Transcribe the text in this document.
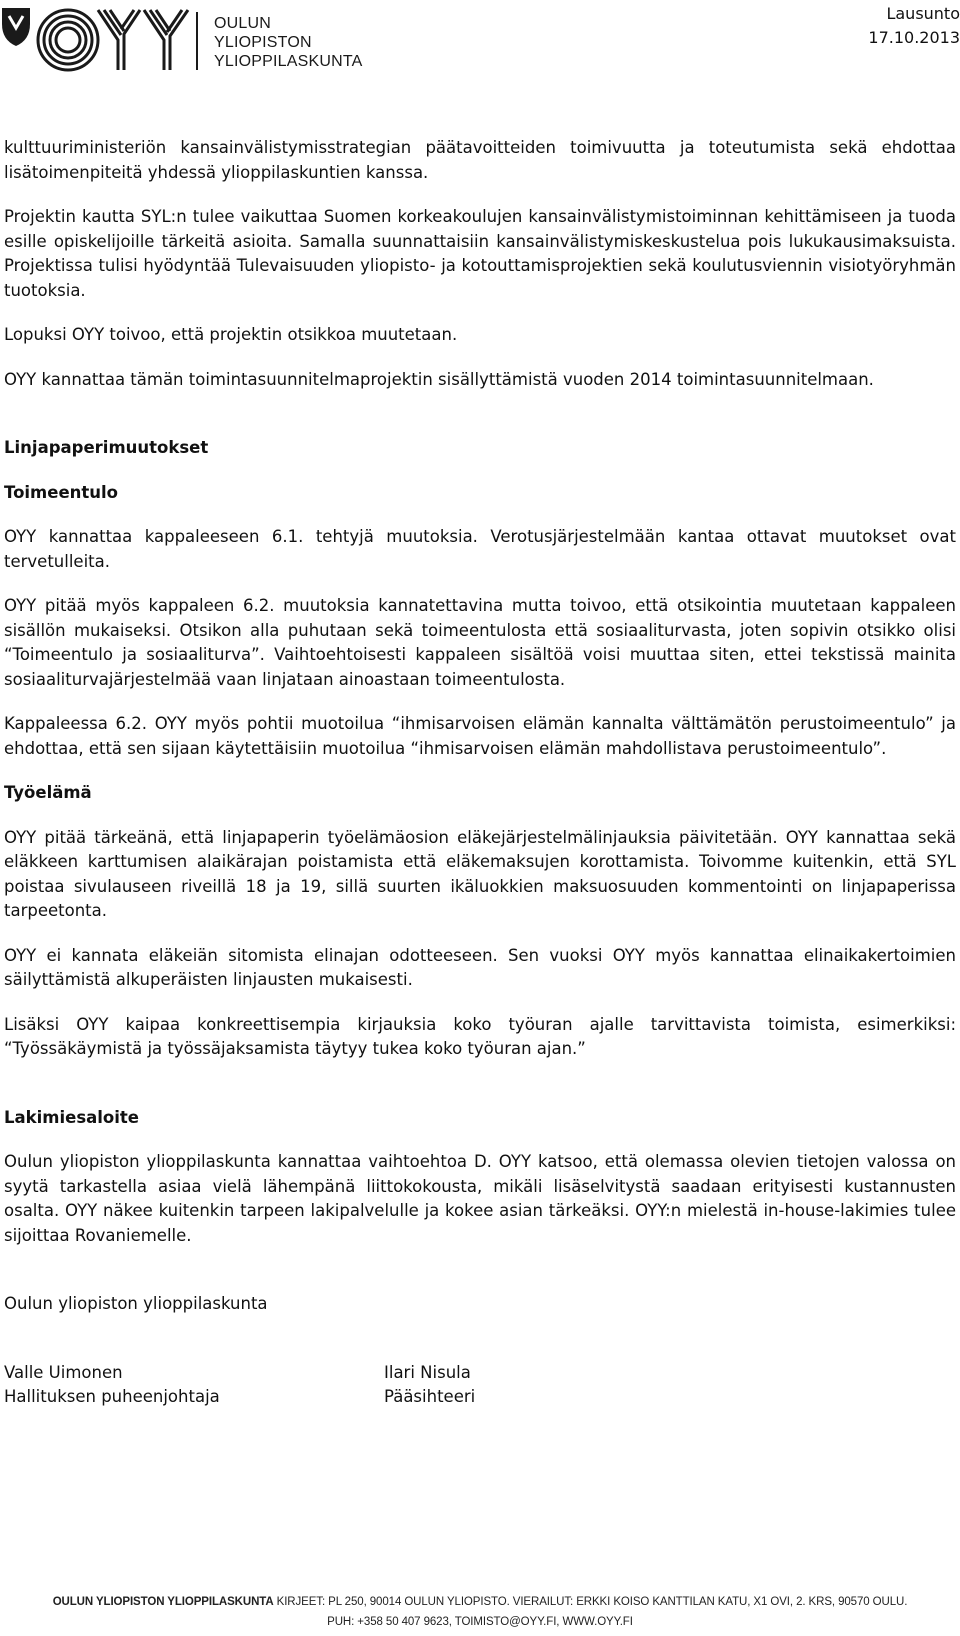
OULUN
YLIOPISTON
YLIOPPILASKUNTA
Lausunto
17.10.2013

kulttuuriministeriön kansainvälistymisstrategian päätavoitteiden toimivuutta ja toteutumista sekä ehdottaa lisätoimenpiteitä yhdessä ylioppilaskuntien kanssa.

Projektin kautta SYL:n tulee vaikuttaa Suomen korkeakoulujen kansainvälistymistoiminnan kehittämiseen ja tuoda esille opiskelijoille tärkeitä asioita. Samalla suunnattaisiin kansainvälistymiskeskustelua pois lukukausimaksuista. Projektissa tulisi hyödyntää Tulevaisuuden yliopisto- ja kotouttamisprojektien sekä koulutusviennin visiotyöryhmän tuotoksia.

Lopuksi OYY toivoo, että projektin otsikkoa muutetaan.

OYY kannattaa tämän toimintasuunnitelmaprojektin sisällyttämistä vuoden 2014 toimintasuunnitelmaan.

Linjapaperimuutokset

Toimeentulo

OYY kannattaa kappaleeseen 6.1. tehtyjä muutoksia. Verotusjärjestelmään kantaa ottavat muutokset ovat tervetulleita.

OYY pitää myös kappaleen 6.2. muutoksia kannatettavina mutta toivoo, että otsikointia muutetaan kappaleen sisällön mukaiseksi. Otsikon alla puhutaan sekä toimeentulosta että sosiaaliturvasta, joten sopivin otsikko olisi “Toimeentulo ja sosiaaliturva”. Vaihtoehtoisesti kappaleen sisältöä voisi muuttaa siten, ettei tekstissä mainita sosiaaliturvajärjestelmää vaan linjataan ainoastaan toimeentulosta.

Kappaleessa 6.2. OYY myös pohtii muotoilua “ihmisarvoisen elämän kannalta välttämätön perustoimeentulo” ja ehdottaa, että sen sijaan käytettäisiin muotoilua “ihmisarvoisen elämän mahdollistava perustoimeentulo”.

Työelämä

OYY pitää tärkeänä, että linjapaperin työelämäosion eläkejärjestelmälinjauksia päivitetään. OYY kannattaa sekä eläkkeen karttumisen alaikärajan poistamista että eläkemaksujen korottamista. Toivomme kuitenkin, että SYL poistaa sivulauseen riveillä 18 ja 19, sillä suurten ikäluokkien maksuosuuden kommentointi on linjapaperissa tarpeetonta.

OYY ei kannata eläkeiän sitomista elinajan odotteeseen. Sen vuoksi OYY myös kannattaa elinaikakertoimien säilyttämistä alkuperäisten linjausten mukaisesti.

Lisäksi OYY kaipaa konkreettisempia kirjauksia koko työuran ajalle tarvittavista toimista, esimerkiksi: “Työssäkäymistä ja työssäjaksamista täytyy tukea koko työuran ajan.”

Lakimiesaloite

Oulun yliopiston ylioppilaskunta kannattaa vaihtoehtoa D. OYY katsoo, että olemassa olevien tietojen valossa on syytä tarkastella asiaa vielä lähempänä liittokokousta, mikäli lisäselvitystä saadaan erityisesti kustannusten osalta. OYY näkee kuitenkin tarpeen lakipalvelulle ja kokee asian tärkeäksi. OYY:n mielestä in-house-lakimies tulee sijoittaa Rovaniemelle.

Oulun yliopiston ylioppilaskunta

Valle Uimonen
Hallituksen puheenjohtaja
Ilari Nisula
Pääsihteeri
OULUN YLIOPISTON YLIOPPILASKUNTA KIRJEET: PL 250, 90014 OULUN YLIOPISTO. VIERAILUT: ERKKI KOISO KANTTILAN KATU, X1 OVI, 2. KRS, 90570 OULU.
PUH: +358 50 407 9623, TOIMISTO@OYY.FI, WWW.OYY.FI
